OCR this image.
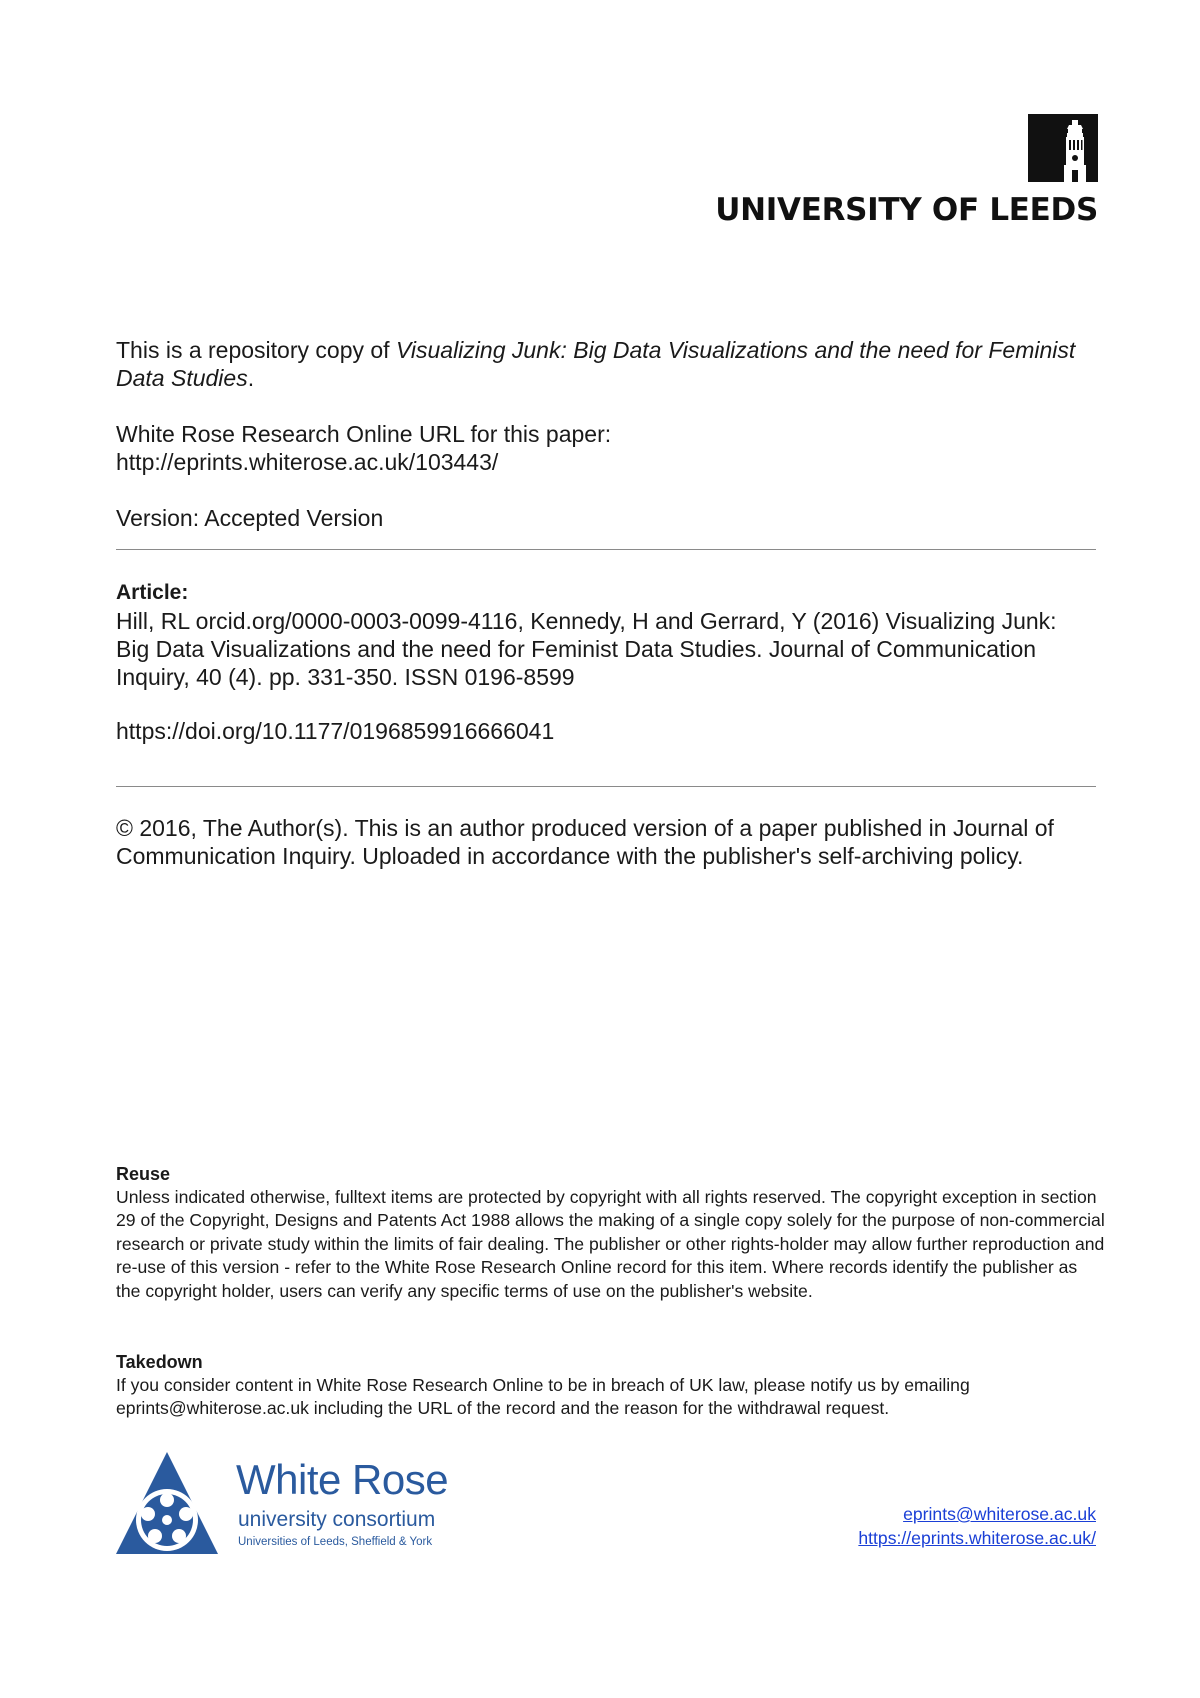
UNIVERSITY OF LEEDS

This is a repository copy of Visualizing Junk: Big Data Visualizations and the need for Feminist Data Studies.

White Rose Research Online URL for this paper:

http://eprints.whiterose.ac.uk/103443/

Version: Accepted Version

Article:

Hill, RL orcid.org/0000-0003-0099-4116, Kennedy, H and Gerrard, Y (2016) Visualizing Junk: Big Data Visualizations and the need for Feminist Data Studies. Journal of Communication Inquiry, 40 (4). pp. 331-350. ISSN 0196-8599

https://doi.org/10.1177/0196859916666041

© 2016, The Author(s). This is an author produced version of a paper published in Journal of Communication Inquiry. Uploaded in accordance with the publisher's self-archiving policy.

Reuse

Unless indicated otherwise, fulltext items are protected by copyright with all rights reserved. The copyright exception in section 29 of the Copyright, Designs and Patents Act 1988 allows the making of a single copy solely for the purpose of non-commercial research or private study within the limits of fair dealing. The publisher or other rights-holder may allow further reproduction and re-use of this version - refer to the White Rose Research Online record for this item. Where records identify the publisher as the copyright holder, users can verify any specific terms of use on the publisher's website.

Takedown

If you consider content in White Rose Research Online to be in breach of UK law, please notify us by emailing eprints@whiterose.ac.uk including the URL of the record and the reason for the withdrawal request.

White Rose
university consortium
Universities of Leeds, Sheffield & York
eprints@whiterose.ac.uk
https://eprints.whiterose.ac.uk/
